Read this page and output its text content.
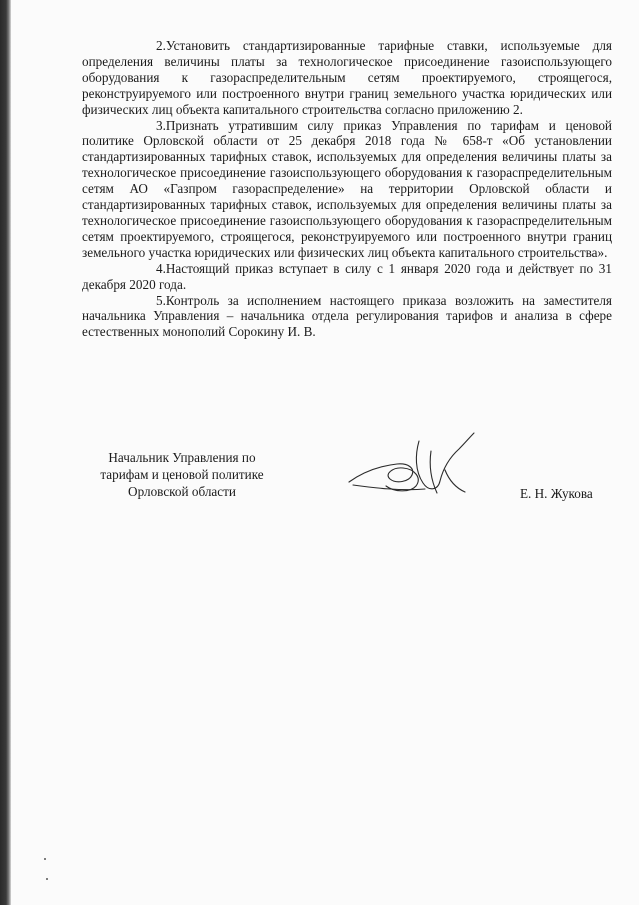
2.Установить стандартизированные тарифные ставки, используемые для определения величины платы за технологическое присоединение газоиспользующего оборудования к газораспределительным сетям проектируемого, строящегося, реконструируемого или построенного внутри границ земельного участка юридических или физических лиц объекта капитального строительства согласно приложению 2.

3.Признать утратившим силу приказ Управления по тарифам и ценовой политике Орловской области от 25 декабря 2018 года № 658-т «Об установлении стандартизированных тарифных ставок, используемых для определения величины платы за технологическое присоединение газоиспользующего оборудования к газораспределительным сетям АО «Газпром газораспределение» на территории Орловской области и стандартизированных тарифных ставок, используемых для определения величины платы за технологическое присоединение газоиспользующего оборудования к газораспределительным сетям проектируемого, строящегося, реконструируемого или построенного внутри границ земельного участка юридических или физических лиц объекта капитального строительства».

4.Настоящий приказ вступает в силу с 1 января 2020 года и действует по 31 декабря 2020 года.

5.Контроль за исполнением настоящего приказа возложить на заместителя начальника Управления – начальника отдела регулирования тарифов и анализа в сфере естественных монополий Сорокину И. В.

Начальник Управления по
тарифам и ценовой политике
Орловской области	Е. Н. Жукова
